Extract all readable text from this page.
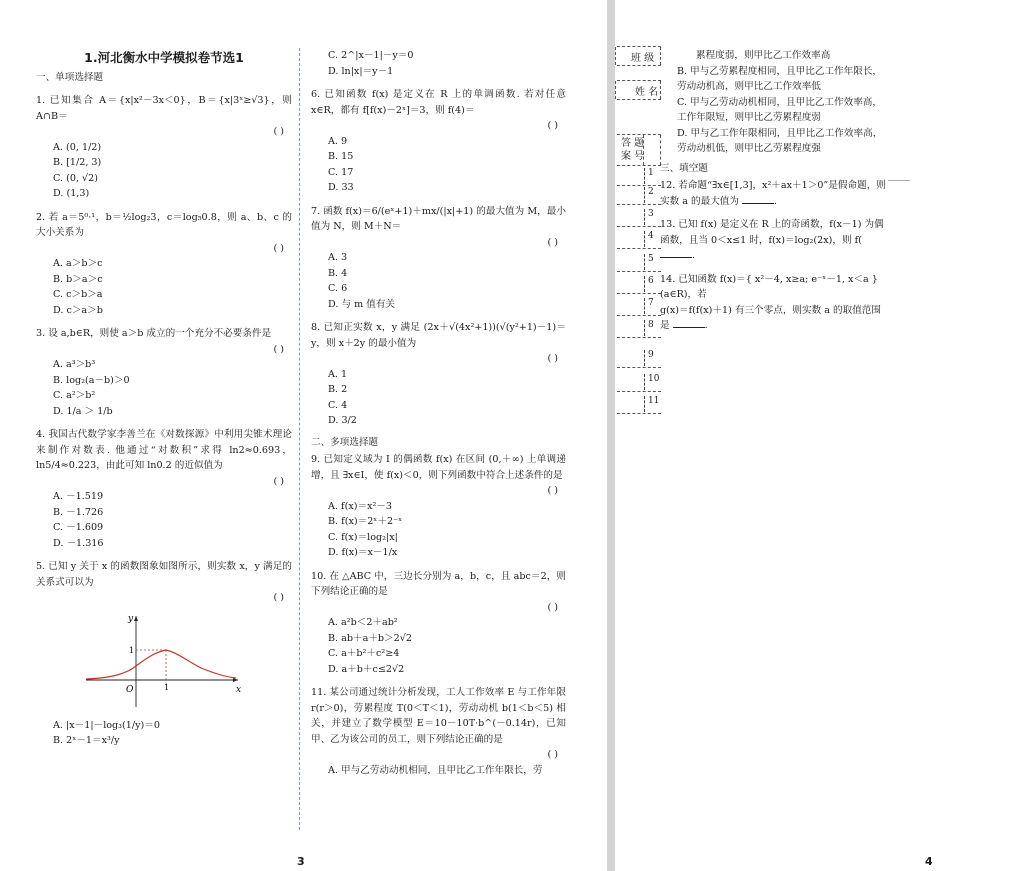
1.河北衡水中学模拟卷节选1
一、单项选择题
1. 已知集合 A＝{x|x²－3x＜0}，B＝{x|3ˣ≥√3}，则 A∩B＝
( )
A. (0, 1/2)
B. [1/2, 3)
C. (0, √2)
D. (1,3)
2. 若 a＝5⁰·¹，b＝½log₂3，c＝log₅0.8，则 a、b、c 的大小关系为
( )
A. a＞b＞c
B. b＞a＞c
C. c＞b＞a
D. c＞a＞b
3. 设 a,b∈R，则使 a＞b 成立的一个充分不必要条件是
( )
A. a³＞b³
B. log₂(a－b)＞0
C. a²＞b²
D. 1/a ＞ 1/b
4. 我国古代数学家李善兰在《对数探源》中利用尖锥术理论来制作对数表. 他通过“对数积”求得 ln2≈0.693，ln5/4≈0.223，由此可知 ln0.2 的近似值为
( )
A. －1.519
B. －1.726
C. －1.609
D. －1.316
5. 已知 y 关于 x 的函数图象如图所示，则实数 x，y 满足的关系式可以为
( )
y
x
O	1
1
A. |x－1|－log₃(1/y)＝0
B. 2ˣ－1＝x³/y
C. 2^|x－1|－y＝0
D. ln|x|＝y－1
6. 已知函数 f(x) 是定义在 R 上的单调函数. 若对任意 x∈R，都有 f[f(x)－2ˣ]＝3，则 f(4)＝
( )
A. 9
B. 15
C. 17
D. 33
7. 函数 f(x)＝6/(eˣ+1)＋mx/(|x|+1) 的最大值为 M，最小值为 N，则 M＋N＝
( )
A. 3
B. 4
C. 6
D. 与 m 值有关
8. 已知正实数 x，y 满足 (2x＋√(4x²+1))(√(y²+1)－1)＝y，则 x＋2y 的最小值为
( )
A. 1
B. 2
C. 4
D. 3/2
二、多项选择题
9. 已知定义域为 I 的偶函数 f(x) 在区间 (0,＋∞) 上单调递增，且 ∃x∈I，使 f(x)＜0，则下列函数中符合上述条件的是
( )
A. f(x)＝x²－3
B. f(x)＝2ˣ＋2⁻ˣ
C. f(x)＝log₂|x|
D. f(x)＝x－1/x
10. 在 △ABC 中，三边长分别为 a，b，c，且 abc＝2，则下列结论正确的是
( )
A. a²b＜2＋ab²
B. ab＋a＋b＞2√2
C. a＋b²＋c²≥4
D. a＋b＋c≤2√2
11. 某公司通过统计分析发现，工人工作效率 E 与工作年限 r(r＞0)，劳累程度 T(0＜T＜1)，劳动动机 b(1＜b＜5) 相关，并建立了数学模型 E＝10－10T·b^(－0.14r)，已知甲、乙为该公司的员工，则下列结论正确的是
( )
A. 甲与乙劳动动机相同，且甲比乙工作年限长，劳
3	4
班 级
姓 名
答 题
案 号
1
2
3
4
5
6
7
8
9
10
11
累程度弱，则甲比乙工作效率高
B. 甲与乙劳累程度相同，且甲比乙工作年限长，劳动动机高，则甲比乙工作效率低
C. 甲与乙劳动动机相同，且甲比乙工作效率高，工作年限短，则甲比乙劳累程度弱
D. 甲与乙工作年限相同，且甲比乙工作效率高，劳动动机低，则甲比乙劳累程度强
三、填空题
12. 若命题“∃x∈[1,3]，x²＋ax＋1＞0”是假命题，则实数 a 的最大值为	.
13. 已知 f(x) 是定义在 R 上的奇函数，f(x－1) 为偶函数，且当 0＜x≤1 时，f(x)＝log₂(2x)，则 f(
.
14. 已知函数 f(x)＝{ x²－4, x≥a; e⁻ˣ－1, x＜a }(a∈R)，若
g(x)＝f(f(x)＋1) 有三个零点，则实数 a 的取值范围是	.
